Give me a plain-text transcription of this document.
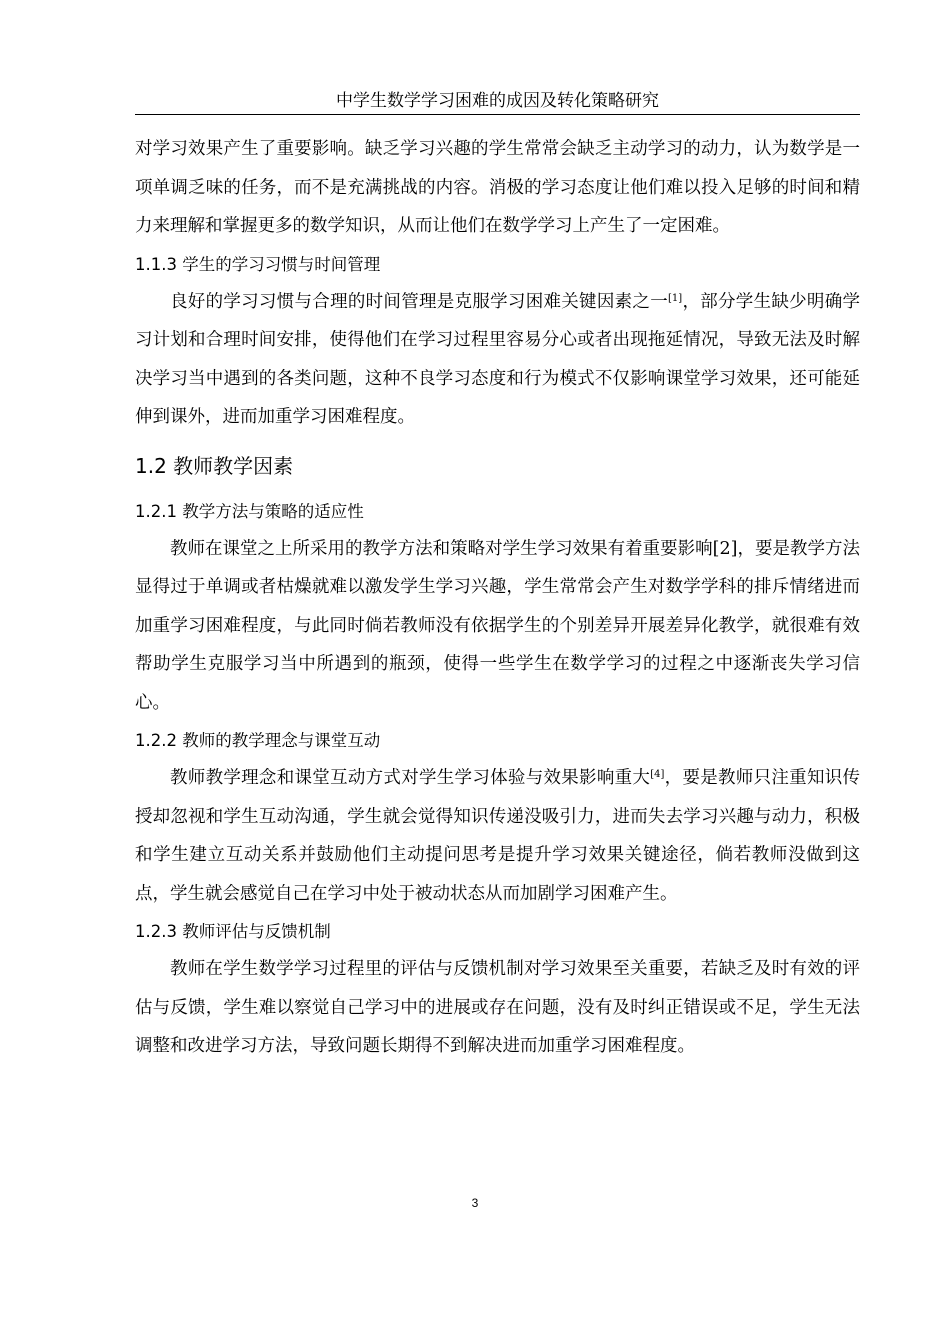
中学生数学学习困难的成因及转化策略研究

对学习效果产生了重要影响。缺乏学习兴趣的学生常常会缺乏主动学习的动力，认为数学是一项单调乏味的任务，而不是充满挑战的内容。消极的学习态度让他们难以投入足够的时间和精力来理解和掌握更多的数学知识，从而让他们在数学学习上产生了一定困难。

1.1.3 学生的学习习惯与时间管理

良好的学习习惯与合理的时间管理是克服学习困难关键因素之一[1]，部分学生缺少明确学习计划和合理时间安排，使得他们在学习过程里容易分心或者出现拖延情况，导致无法及时解决学习当中遇到的各类问题，这种不良学习态度和行为模式不仅影响课堂学习效果，还可能延伸到课外，进而加重学习困难程度。

1.2 教师教学因素
1.2.1 教学方法与策略的适应性

教师在课堂之上所采用的教学方法和策略对学生学习效果有着重要影响[2]，要是教学方法显得过于单调或者枯燥就难以激发学生学习兴趣，学生常常会产生对数学学科的排斥情绪进而加重学习困难程度，与此同时倘若教师没有依据学生的个别差异开展差异化教学，就很难有效帮助学生克服学习当中所遇到的瓶颈，使得一些学生在数学学习的过程之中逐渐丧失学习信心。

1.2.2 教师的教学理念与课堂互动

教师教学理念和课堂互动方式对学生学习体验与效果影响重大[4]，要是教师只注重知识传授却忽视和学生互动沟通，学生就会觉得知识传递没吸引力，进而失去学习兴趣与动力，积极和学生建立互动关系并鼓励他们主动提问思考是提升学习效果关键途径，倘若教师没做到这点，学生就会感觉自己在学习中处于被动状态从而加剧学习困难产生。

1.2.3 教师评估与反馈机制

教师在学生数学学习过程里的评估与反馈机制对学习效果至关重要，若缺乏及时有效的评估与反馈，学生难以察觉自己学习中的进展或存在问题，没有及时纠正错误或不足，学生无法调整和改进学习方法，导致问题长期得不到解决进而加重学习困难程度。

3
